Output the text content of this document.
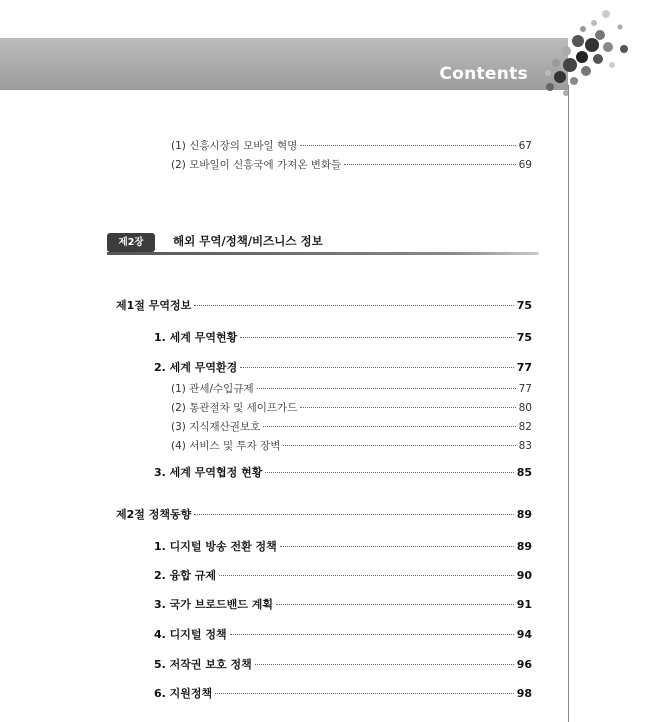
Contents
(1) 신흥시장의 모바일 혁명	67
(2) 모바일이 신흥국에 가져온 변화들	69
제2장	해외 무역/정책/비즈니스 정보
제1절 무역정보	75
1. 세계 무역현황	75
2. 세계 무역환경	77
(1) 관세/수입규제	77
(2) 통관절차 및 세이프가드	80
(3) 지식재산권보호	82
(4) 서비스 및 투자 장벽	83
3. 세계 무역협정 현황	85
제2절 정책동향	89
1. 디지털 방송 전환 정책	89
2. 융합 규제	90
3. 국가 브로드밴드 계획	91
4. 디지털 정책	94
5. 저작권 보호 정책	96
6. 지원정책	98
